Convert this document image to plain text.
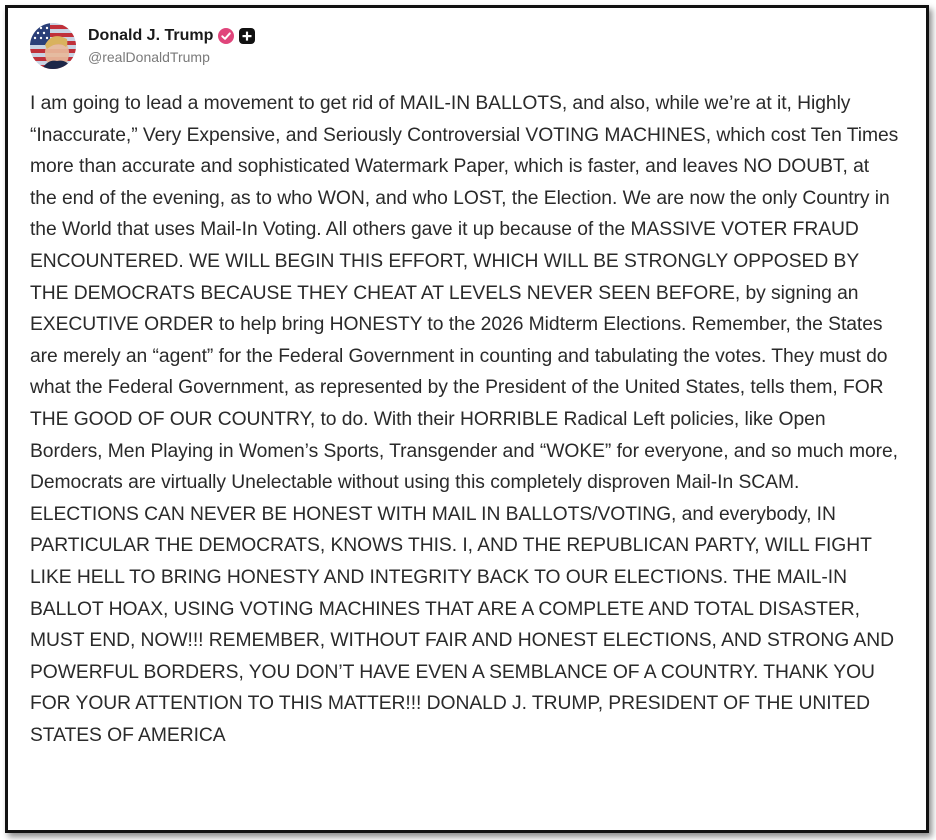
Donald J. Trump
@realDonaldTrump
I am going to lead a movement to get rid of MAIL-IN BALLOTS, and also, while we’re at it, Highly “Inaccurate,” Very Expensive, and Seriously Controversial VOTING MACHINES, which cost Ten Times more than accurate and sophisticated Watermark Paper, which is faster, and leaves NO DOUBT, at the end of the evening, as to who WON, and who LOST, the Election. We are now the only Country in the World that uses Mail-In Voting. All others gave it up because of the MASSIVE VOTER FRAUD ENCOUNTERED. WE WILL BEGIN THIS EFFORT, WHICH WILL BE STRONGLY OPPOSED BY THE DEMOCRATS BECAUSE THEY CHEAT AT LEVELS NEVER SEEN BEFORE, by signing an EXECUTIVE ORDER to help bring HONESTY to the 2026 Midterm Elections. Remember, the States are merely an “agent” for the Federal Government in counting and tabulating the votes. They must do what the Federal Government, as represented by the President of the United States, tells them, FOR THE GOOD OF OUR COUNTRY, to do. With their HORRIBLE Radical Left policies, like Open Borders, Men Playing in Women’s Sports, Transgender and “WOKE” for everyone, and so much more, Democrats are virtually Unelectable without using this completely disproven Mail-In SCAM. ELECTIONS CAN NEVER BE HONEST WITH MAIL IN BALLOTS/VOTING, and everybody, IN PARTICULAR THE DEMOCRATS, KNOWS THIS. I, AND THE REPUBLICAN PARTY, WILL FIGHT LIKE HELL TO BRING HONESTY AND INTEGRITY BACK TO OUR ELECTIONS. THE MAIL-IN BALLOT HOAX, USING VOTING MACHINES THAT ARE A COMPLETE AND TOTAL DISASTER, MUST END, NOW!!! REMEMBER, WITHOUT FAIR AND HONEST ELECTIONS, AND STRONG AND POWERFUL BORDERS, YOU DON’T HAVE EVEN A SEMBLANCE OF A COUNTRY. THANK YOU FOR YOUR ATTENTION TO THIS MATTER!!! DONALD J. TRUMP, PRESIDENT OF THE UNITED STATES OF AMERICA
